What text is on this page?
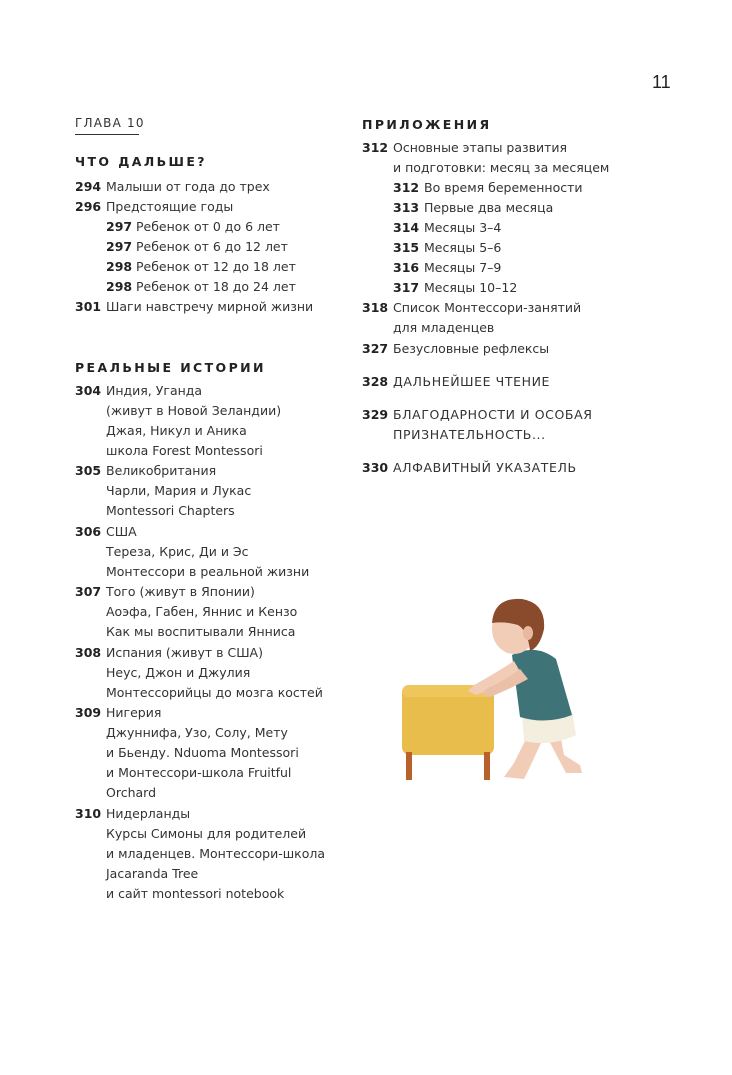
11
ГЛАВА 10
ЧТО ДАЛЬШЕ?
294 Малыши от года до трех
296 Предстоящие годы
297 Ребенок от 0 до 6 лет
297 Ребенок от 6 до 12 лет
298 Ребенок от 12 до 18 лет
298 Ребенок от 18 до 24 лет
301 Шаги навстречу мирной жизни
РЕАЛЬНЫЕ ИСТОРИИ
304 Индия, Уганда
(живут в Новой Зеландии)
Джая, Никул и Аника
школа Forest Montessori
305 Великобритания
Чарли, Мария и Лукас
Montessori Chapters
306 США
Тереза, Крис, Ди и Эс
Монтессори в реальной жизни
307 Того (живут в Японии)
Аоэфа, Габен, Яннис и Кензо
Как мы воспитывали Янниса
308 Испания (живут в США)
Неус, Джон и Джулия
Монтессорийцы до мозга костей
309 Нигерия
Джуннифа, Узо, Солу, Мету
и Бьенду. Nduoma Montessori
и Монтессори-школа Fruitful
Orchard
310 Нидерланды
Курсы Симоны для родителей
и младенцев. Монтессори-школа
Jacaranda Tree
и сайт montessori notebook
ПРИЛОЖЕНИЯ
312 Основные этапы развития
и подготовки: месяц за месяцем
312 Во время беременности
313 Первые два месяца
314 Месяцы 3–4
315 Месяцы 5–6
316 Месяцы 7–9
317 Месяцы 10–12
318 Список Монтессори-занятий
для младенцев
327 Безусловные рефлексы
328 ДАЛЬНЕЙШЕЕ ЧТЕНИЕ
329 БЛАГОДАРНОСТИ И ОСОБАЯ
ПРИЗНАТЕЛЬНОСТЬ...
330 АЛФАВИТНЫЙ УКАЗАТЕЛЬ
